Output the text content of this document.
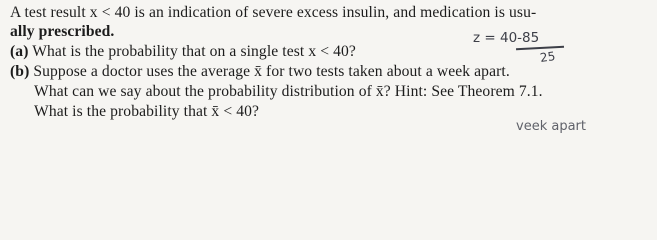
A test result x < 40 is an indication of severe excess insulin, and medication is usu-
ally prescribed.
(a) What is the probability that on a single test x < 40?
(b) Suppose a doctor uses the average x̄ for two tests taken about a week apart.
What can we say about the probability distribution of x̄? Hint: See Theorem 7.1.
What is the probability that x̄ < 40?
z = 40-85
25
veek apart
